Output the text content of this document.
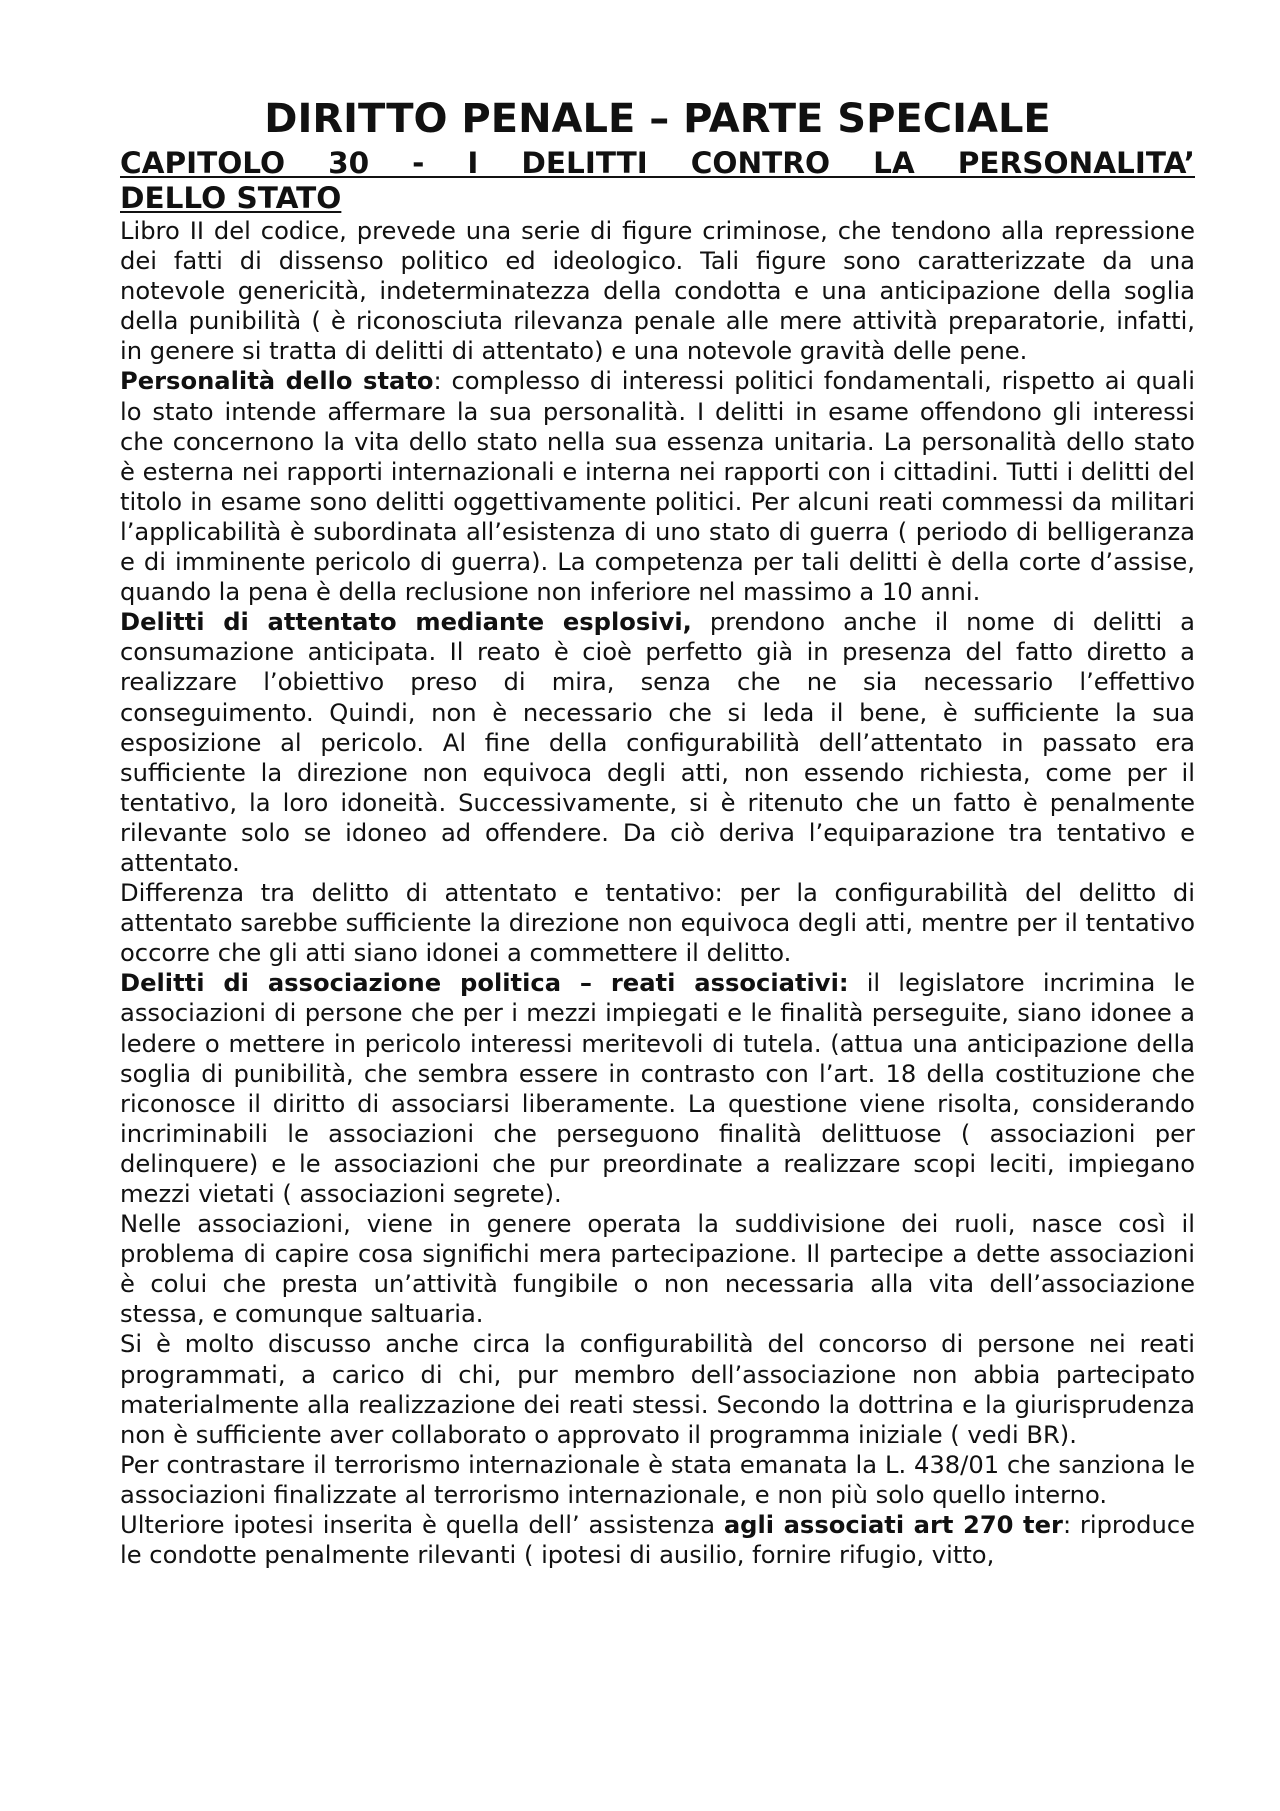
DIRITTO PENALE – PARTE SPECIALE
CAPITOLO 30 - I DELITTI CONTRO LA PERSONALITA’
DELLO STATO

Libro II del codice, prevede una serie di figure criminose, che tendono alla repressione dei fatti di dissenso politico ed ideologico. Tali figure sono caratterizzate da una notevole genericità, indeterminatezza della condotta e una anticipazione della soglia della punibilità ( è riconosciuta rilevanza penale alle mere attività preparatorie, infatti, in genere si tratta di delitti di attentato) e una notevole gravità delle pene.

Personalità dello stato: complesso di interessi politici fondamentali, rispetto ai quali lo stato intende affermare la sua personalità. I delitti in esame offendono gli interessi che concernono la vita dello stato nella sua essenza unitaria. La personalità dello stato è esterna nei rapporti internazionali e interna nei rapporti con i cittadini. Tutti i delitti del titolo in esame sono delitti oggettivamente politici. Per alcuni reati commessi da militari l’applicabilità è subordinata all’esistenza di uno stato di guerra ( periodo di belligeranza e di imminente pericolo di guerra). La competenza per tali delitti è della corte d’assise, quando la pena è della reclusione non inferiore nel massimo a 10 anni.

Delitti di attentato mediante esplosivi, prendono anche il nome di delitti a consumazione anticipata. Il reato è cioè perfetto già in presenza del fatto diretto a realizzare l’obiettivo preso di mira, senza che ne sia necessario l’effettivo conseguimento. Quindi, non è necessario che si leda il bene, è sufficiente la sua esposizione al pericolo. Al fine della configurabilità dell’attentato in passato era sufficiente la direzione non equivoca degli atti, non essendo richiesta, come per il tentativo, la loro idoneità. Successivamente, si è ritenuto che un fatto è penalmente rilevante solo se idoneo ad offendere. Da ciò deriva l’equiparazione tra tentativo e attentato.

Differenza tra delitto di attentato e tentativo: per la configurabilità del delitto di attentato sarebbe sufficiente la direzione non equivoca degli atti, mentre per il tentativo occorre che gli atti siano idonei a commettere il delitto.

Delitti di associazione politica – reati associativi: il legislatore incrimina le associazioni di persone che per i mezzi impiegati e le finalità perseguite, siano idonee a ledere o mettere in pericolo interessi meritevoli di tutela. (attua una anticipazione della soglia di punibilità, che sembra essere in contrasto con l’art. 18 della costituzione che riconosce il diritto di associarsi liberamente. La questione viene risolta, considerando incriminabili le associazioni che perseguono finalità delittuose ( associazioni per delinquere) e le associazioni che pur preordinate a realizzare scopi leciti, impiegano mezzi vietati ( associazioni segrete).

Nelle associazioni, viene in genere operata la suddivisione dei ruoli, nasce così il problema di capire cosa significhi mera partecipazione. Il partecipe a dette associazioni è colui che presta un’attività fungibile o non necessaria alla vita dell’associazione stessa, e comunque saltuaria.

Si è molto discusso anche circa la configurabilità del concorso di persone nei reati programmati, a carico di chi, pur membro dell’associazione non abbia partecipato materialmente alla realizzazione dei reati stessi. Secondo la dottrina e la giurisprudenza non è sufficiente aver collaborato o approvato il programma iniziale ( vedi BR).

Per contrastare il terrorismo internazionale è stata emanata la L. 438/01 che sanziona le associazioni finalizzate al terrorismo internazionale, e non più solo quello interno.

Ulteriore ipotesi inserita è quella dell’ assistenza agli associati art 270 ter: riproduce le condotte penalmente rilevanti ( ipotesi di ausilio, fornire rifugio, vitto,
